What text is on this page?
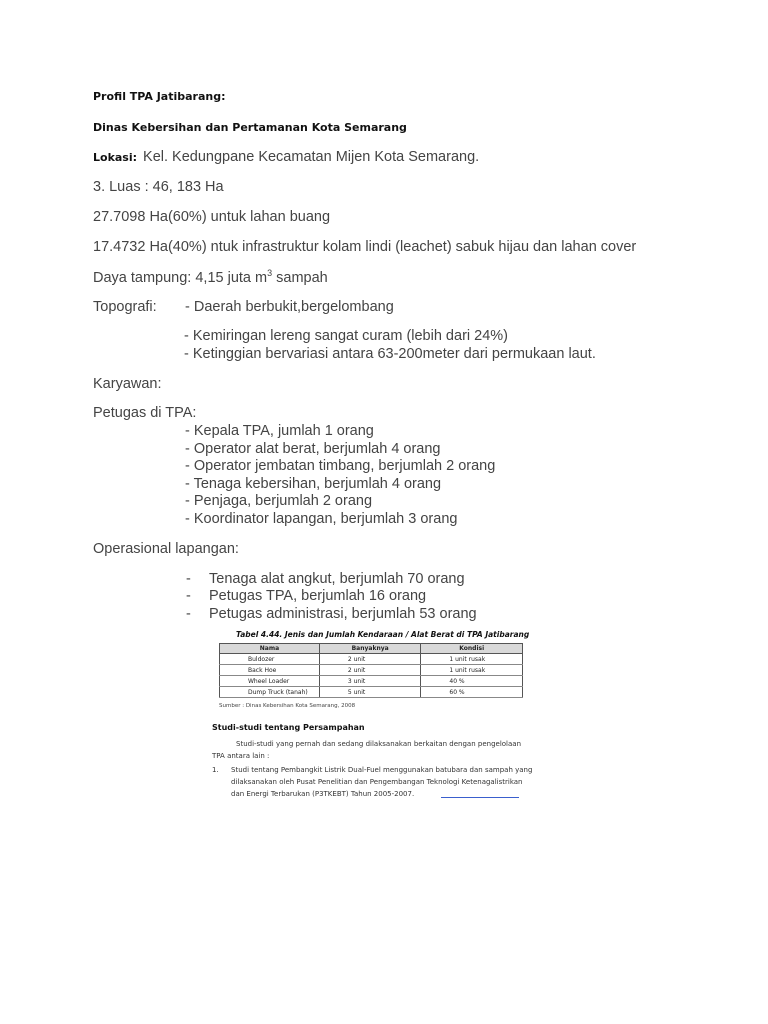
Profil TPA Jatibarang:
Dinas Kebersihan dan Pertamanan Kota Semarang
Lokasi: Kel. Kedungpane Kecamatan Mijen Kota Semarang.
3. Luas : 46, 183 Ha
27.7098 Ha(60%) untuk lahan buang
17.4732 Ha(40%) ntuk infrastruktur kolam lindi (leachet) sabuk hijau dan lahan cover
Daya tampung: 4,15 juta $m^3$ sampah
Topografi: - Daerah berbukit,bergelombang
- Kemiringan lereng sangat curam (lebih dari 24%)
- Ketinggian bervariasi antara 63-200meter dari permukaan laut.
Karyawan:
Petugas di TPA:
- Kepala TPA, jumlah 1 orang
- Operator alat berat, berjumlah 4 orang
- Operator jembatan timbang, berjumlah 2 orang
- Tenaga kebersihan, berjumlah 4 orang
- Penjaga, berjumlah 2 orang
- Koordinator lapangan, berjumlah 3 orang
Operasional lapangan:
- Tenaga alat angkut, berjumlah 70 orang
- Petugas TPA, berjumlah 16 orang
- Petugas administrasi, berjumlah 53 orang
Tabel 4.44. Jenis dan Jumlah Kendaraan / Alat Berat di TPA Jatibarang
Nama	Banyaknya	Kondisi
Buldozer	2 unit	1 unit rusak
Back Hoe	2 unit	1 unit rusak
Wheel Loader	3 unit	40 %
Dump Truck (tanah)	5 unit	60 %
Sumber : Dinas Kebersihan Kota Semarang, 2008
Studi-studi tentang Persampahan
Studi-studi yang pernah dan sedang dilaksanakan berkaitan dengan pengelolaan
TPA antara lain :
1. Studi tentang Pembangkit Listrik Dual-Fuel menggunakan batubara dan sampah yang
dilaksanakan oleh Pusat Penelitian dan Pengembangan Teknologi Ketenagalistrikan
dan Energi Terbarukan (P3TKEBT) Tahun 2005-2007.
